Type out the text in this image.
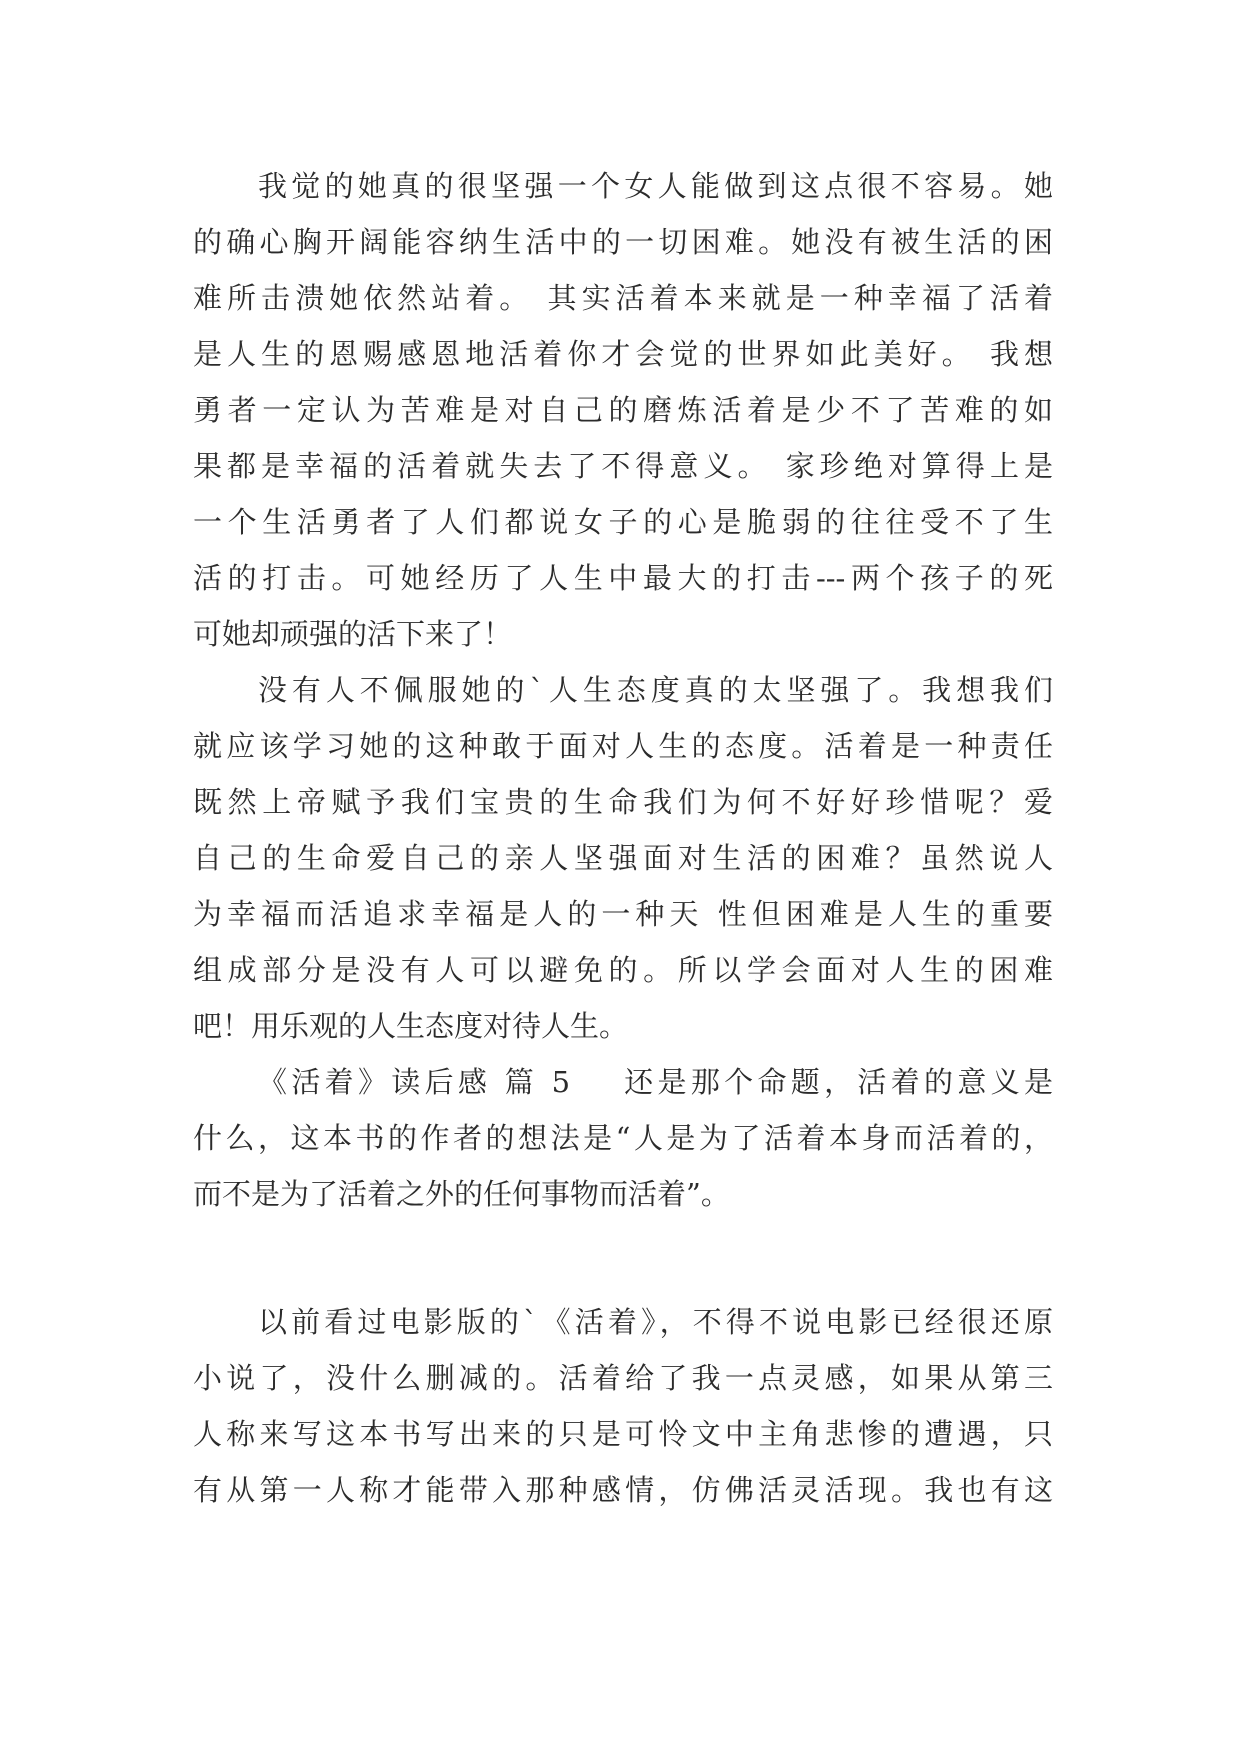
我觉的她真的很坚强一个女人能做到这点很不容易。她
的确心胸开阔能容纳生活中的一切困难。她没有被生活的困
难所击溃她依然站着。 其实活着本来就是一种幸福了活着
是人生的恩赐感恩地活着你才会觉的世界如此美好。 我想
勇者一定认为苦难是对自己的磨炼活着是少不了苦难的如
果都是幸福的活着就失去了不得意义。 家珍绝对算得上是
一个生活勇者了人们都说女子的心是脆弱的往往受不了生
活的打击。可她经历了人生中最大的打击---两个孩子的死
可她却顽强的活下来了！
没有人不佩服她的`人生态度真的太坚强了。我想我们
就应该学习她的这种敢于面对人生的态度。活着是一种责任
既然上帝赋予我们宝贵的生命我们为何不好好珍惜呢？爱
自己的生命爱自己的亲人坚强面对生活的困难？虽然说人
为幸福而活追求幸福是人的一种天 性但困难是人生的重要
组成部分是没有人可以避免的。所以学会面对人生的困难
吧！用乐观的人生态度对待人生。
《活着》读后感 篇 5    还是那个命题，活着的意义是
什么，这本书的作者的想法是“人是为了活着本身而活着的，
而不是为了活着之外的任何事物而活着”。
以前看过电影版的`《活着》，不得不说电影已经很还原
小说了，没什么删减的。活着给了我一点灵感，如果从第三
人称来写这本书写出来的只是可怜文中主角悲惨的遭遇，只
有从第一人称才能带入那种感情，仿佛活灵活现。我也有这
